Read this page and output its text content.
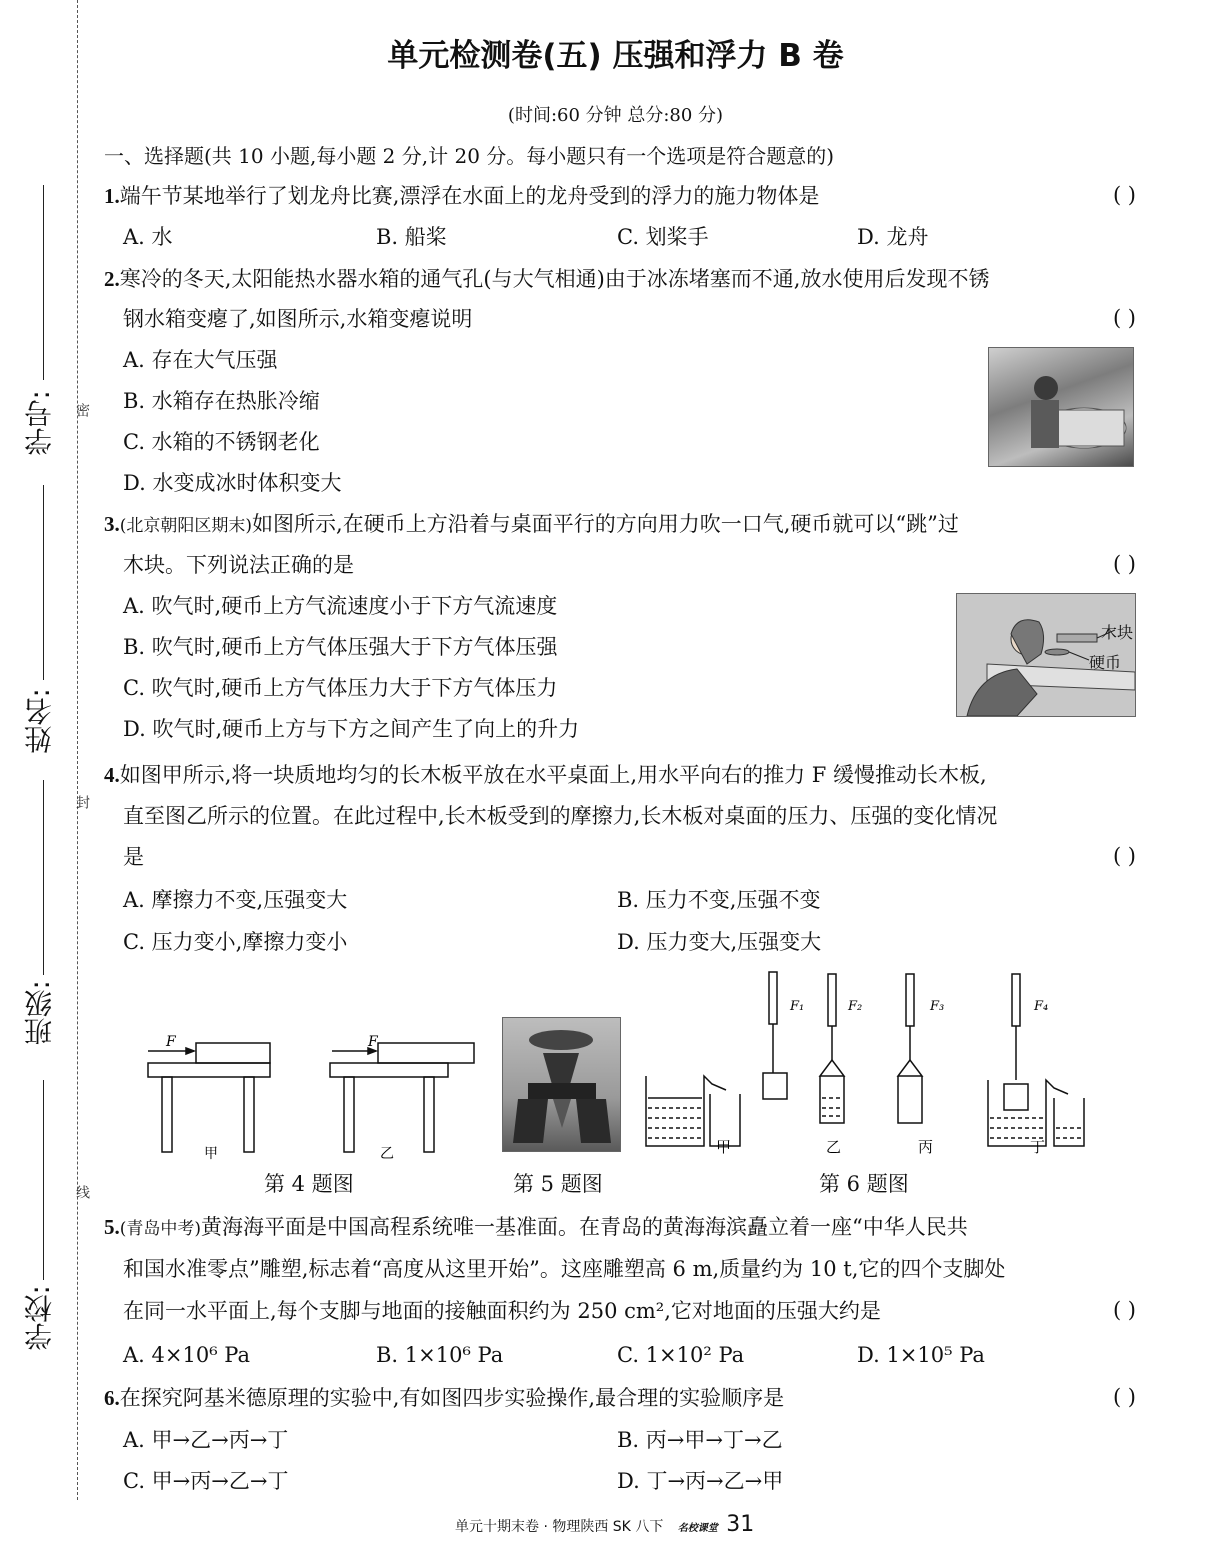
密
封
线
学号:
姓名:
班级:
学校:
单元检测卷(五) 压强和浮力 B 卷
(时间:60 分钟 总分:80 分)
一、选择题(共 10 小题,每小题 2 分,计 20 分。每小题只有一个选项是符合题意的)
1.端午节某地举行了划龙舟比赛,漂浮在水面上的龙舟受到的浮力的施力物体是	( )
A. 水	B. 船桨	C. 划桨手	D. 龙舟
2.寒冷的冬天,太阳能热水器水箱的通气孔(与大气相通)由于冰冻堵塞而不通,放水使用后发现不锈
钢水箱变瘪了,如图所示,水箱变瘪说明	( )
A. 存在大气压强
B. 水箱存在热胀冷缩
C. 水箱的不锈钢老化
D. 水变成冰时体积变大
3.(北京朝阳区期末)如图所示,在硬币上方沿着与桌面平行的方向用力吹一口气,硬币就可以“跳”过
木块。下列说法正确的是	( )
A. 吹气时,硬币上方气流速度小于下方气流速度
B. 吹气时,硬币上方气体压强大于下方气体压强
C. 吹气时,硬币上方气体压力大于下方气体压力
D. 吹气时,硬币上方与下方之间产生了向上的升力
木块
硬币
4.如图甲所示,将一块质地均匀的长木板平放在水平桌面上,用水平向右的推力 F 缓慢推动长木板,
直至图乙所示的位置。在此过程中,长木板受到的摩擦力,长木板对桌面的压力、压强的变化情况
是	( )
A. 摩擦力不变,压强变大	B. 压力不变,压强不变
C. 压力变小,摩擦力变小	D. 压力变大,压强变大
F	F
甲	乙
F₁	F₂	F₃	F₄
甲	乙	丙	丁
第 4 题图	第 5 题图	第 6 题图
5.(青岛中考)黄海海平面是中国高程系统唯一基准面。在青岛的黄海海滨矗立着一座“中华人民共
和国水准零点”雕塑,标志着“高度从这里开始”。这座雕塑高 6 m,质量约为 10 t,它的四个支脚处
在同一水平面上,每个支脚与地面的接触面积约为 250 cm²,它对地面的压强大约是	( )
A. 4×10⁶ Pa	B. 1×10⁶ Pa	C. 1×10² Pa	D. 1×10⁵ Pa
6.在探究阿基米德原理的实验中,有如图四步实验操作,最合理的实验顺序是	( )
A. 甲→乙→丙→丁	B. 丙→甲→丁→乙
C. 甲→丙→乙→丁	D. 丁→丙→乙→甲
单元十期末卷 · 物理陕西 SK 八下 名校课堂 31
